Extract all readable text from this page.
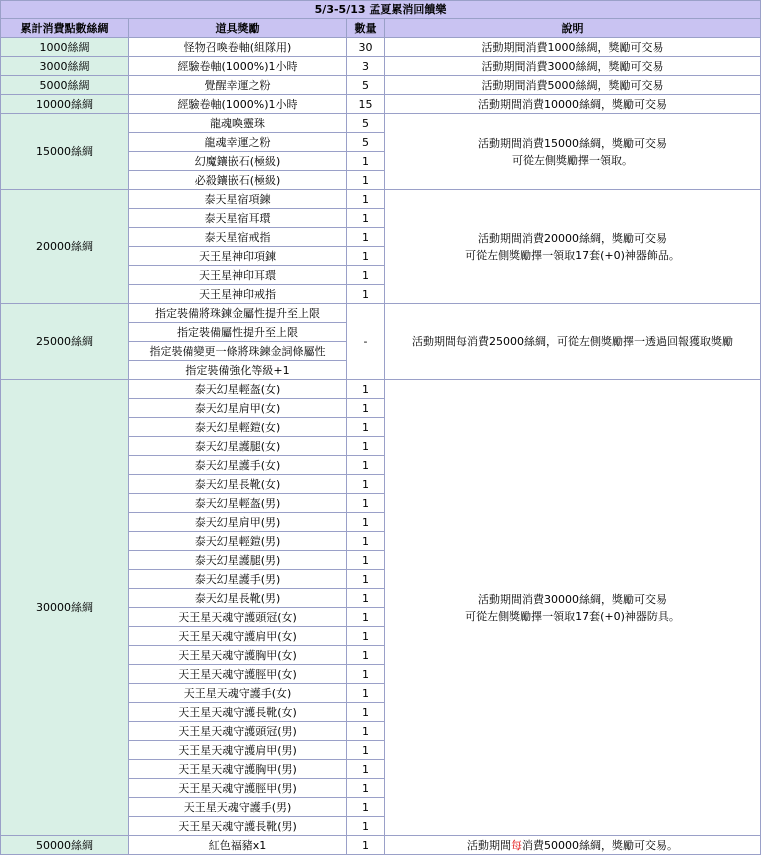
5/3-5/13 孟夏累消回饋樂			
累計消費點數絲綢	道具獎勵	數量	說明
1000絲綢	怪物召喚卷軸(組隊用)	30	活動期間消費1000絲綢，獎勵可交易

3000絲綢	經驗卷軸(1000%)1小時	3	活動期間消費3000絲綢，獎勵可交易

5000絲綢	覺醒幸運之粉	5	活動期間消費5000絲綢，獎勵可交易

10000絲綢	經驗卷軸(1000%)1小時	15	活動期間消費10000絲綢，獎勵可交易

15000絲綢	龍魂喚靈珠	5	活動期間消費15000絲綢，獎勵可交易
可從左側獎勵擇一領取。

	龍魂幸運之粉	5	
	幻魔鑲嵌石(極級)	1	
	必殺鑲嵌石(極級)	1	
20000絲綢	泰天星宿項鍊	1	活動期間消費20000絲綢，獎勵可交易
可從左側獎勵擇一領取17套(+0)神器飾品。

	泰天星宿耳環	1	
	泰天星宿戒指	1	
	天王星神印項鍊	1	
	天王星神印耳環	1	
	天王星神印戒指	1	
25000絲綢	指定裝備將珠鍊金屬性提升至上限	-	活動期間每消費25000絲綢，可從左側獎勵擇一透過回報獲取獎勵

	指定裝備屬性提升至上限		
	指定裝備變更一條將珠鍊金詞條屬性		
	指定裝備強化等級+1		
30000絲綢	泰天幻星輕盔(女)	1	活動期間消費30000絲綢，獎勵可交易
可從左側獎勵擇一領取17套(+0)神器防具。

	泰天幻星肩甲(女)	1	
	泰天幻星輕鎧(女)	1	
	泰天幻星護腿(女)	1	
	泰天幻星護手(女)	1	
	泰天幻星長靴(女)	1	
	泰天幻星輕盔(男)	1	
	泰天幻星肩甲(男)	1	
	泰天幻星輕鎧(男)	1	
	泰天幻星護腿(男)	1	
	泰天幻星護手(男)	1	
	泰天幻星長靴(男)	1	
	天王星天魂守護頭冠(女)	1	
	天王星天魂守護肩甲(女)	1	
	天王星天魂守護胸甲(女)	1	
	天王星天魂守護脛甲(女)	1	
	天王星天魂守護手(女)	1	
	天王星天魂守護長靴(女)	1	
	天王星天魂守護頭冠(男)	1	
	天王星天魂守護肩甲(男)	1	
	天王星天魂守護胸甲(男)	1	
	天王星天魂守護脛甲(男)	1	
	天王星天魂守護手(男)	1	
	天王星天魂守護長靴(男)	1	
50000絲綢	紅色福豬x1	1	活動期間每消費50000絲綢，獎勵可交易。
